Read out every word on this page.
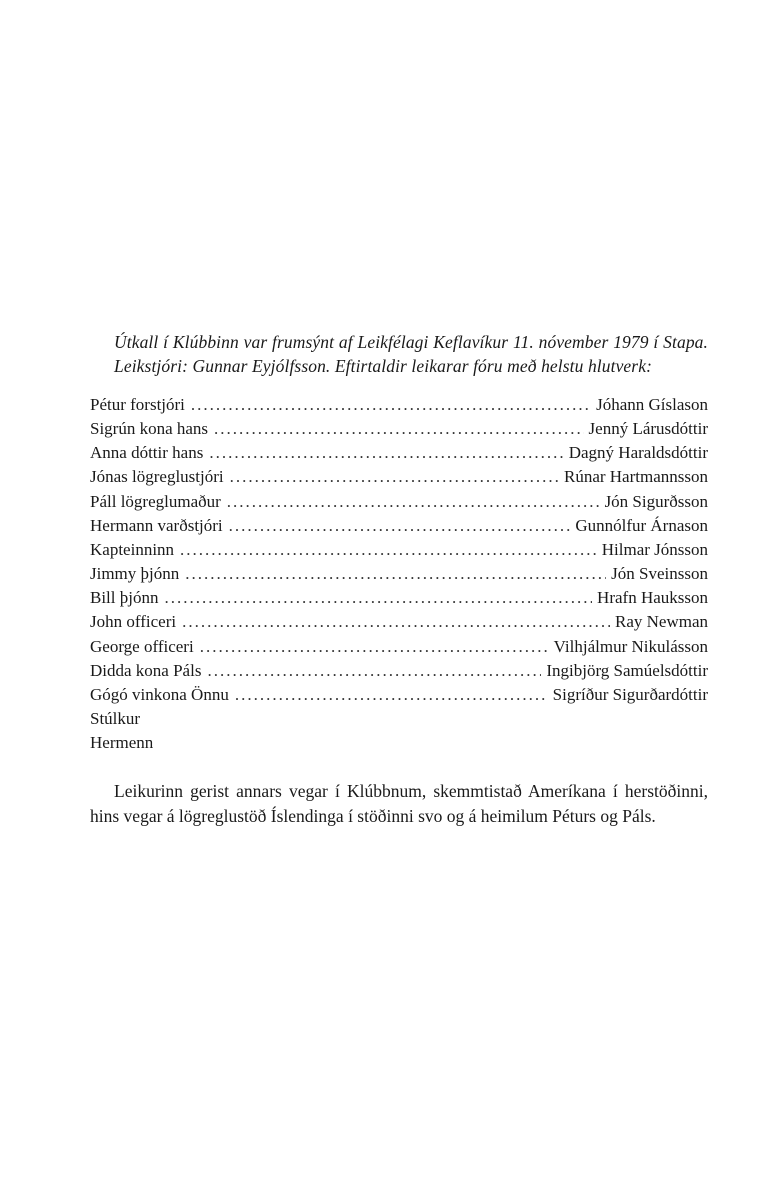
Útkall í Klúbbinn var frumsýnt af Leikfélagi Keflavíkur 11. nóvember 1979 í Stapa. Leikstjóri: Gunnar Eyjólfsson. Eftirtaldir leikarar fóru með helstu hlutverk:

Pétur forstjóri .....	Jóhann Gíslason
Sigrún kona hans .....	Jenný Lárusdóttir
Anna dóttir hans .....	Dagný Haraldsdóttir
Jónas lögreglustjóri .....	Rúnar Hartmannsson
Páll lögreglumaður .....	Jón Sigurðsson
Hermann varðstjóri .....	Gunnólfur Árnason
Kapteinninn .....	Hilmar Jónsson
Jimmy þjónn .....	Jón Sveinsson
Bill þjónn .....	Hrafn Hauksson
John officeri .....	Ray Newman
George officeri .....	Vilhjálmur Nikulásson
Didda kona Páls .....	Ingibjörg Samúelsdóttir
Gógó vinkona Önnu .....	Sigríður Sigurðardóttir
Stúlkur
Hermenn

Leikurinn gerist annars vegar í Klúbbnum, skemmtistað Ameríkana í herstöðinni, hins vegar á lögreglustöð Íslendinga í stöðinni svo og á heimilum Péturs og Páls.
